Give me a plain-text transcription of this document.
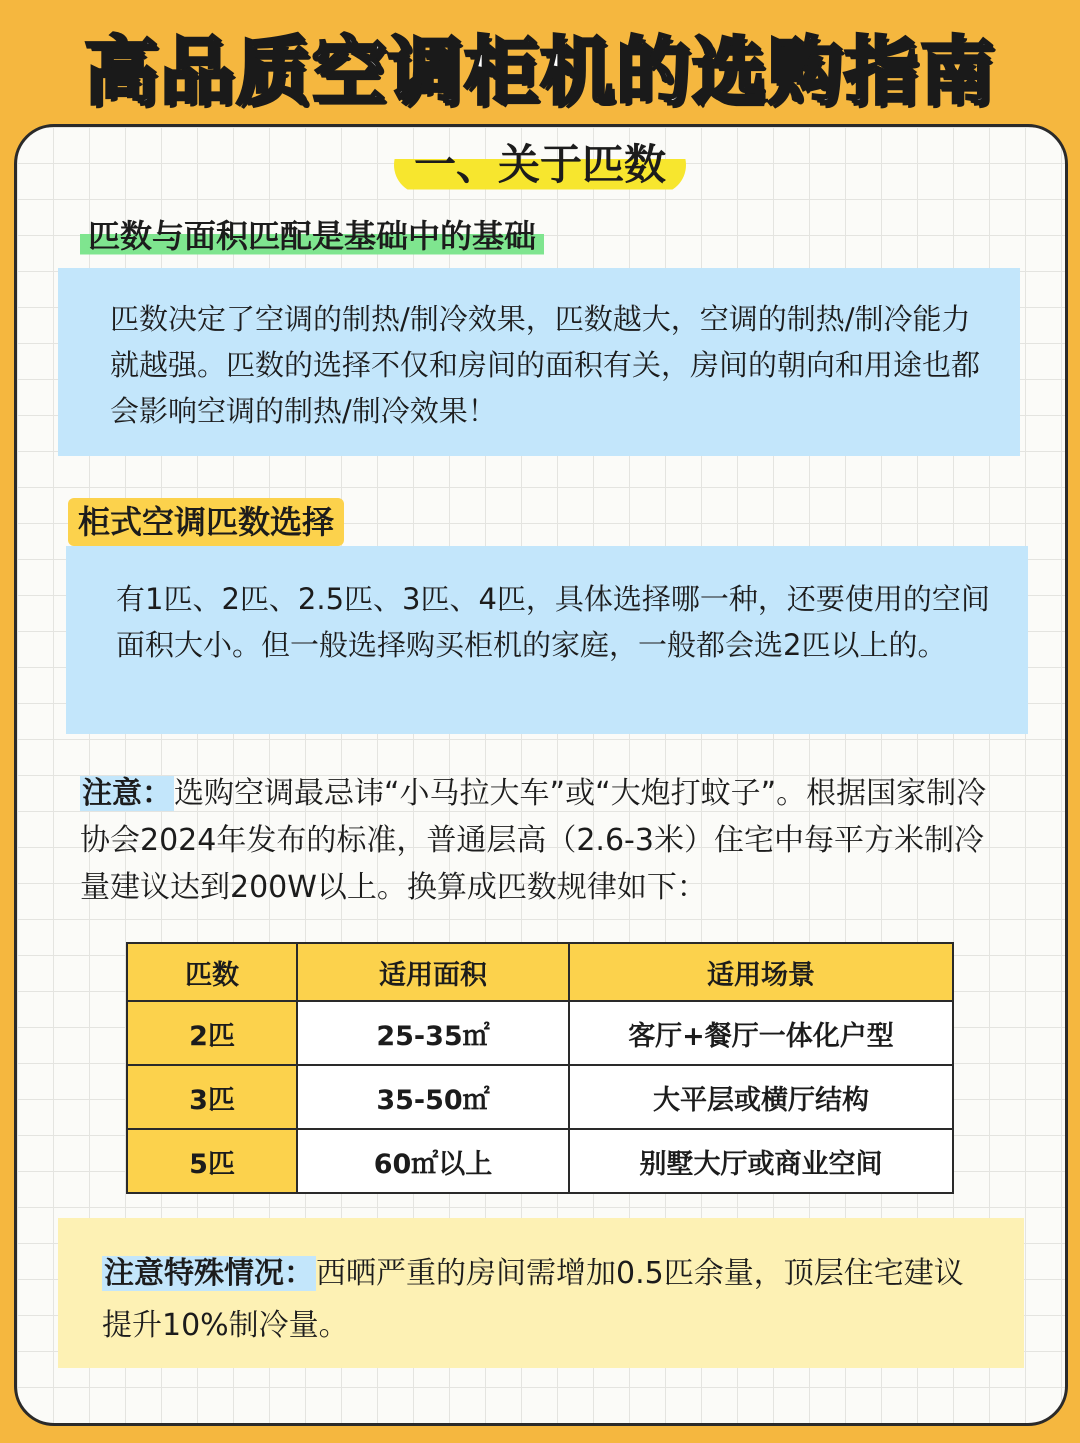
高品质空调柜机的选购指南
一、关于匹数
匹数与面积匹配是基础中的基础
匹数决定了空调的制热/制冷效果，匹数越大，空调的制热/制冷能力就越强。匹数的选择不仅和房间的面积有关，房间的朝向和用途也都会影响空调的制热/制冷效果！
柜式空调匹数选择
有1匹、2匹、2.5匹、3匹、4匹，具体选择哪一种，还要使用的空间面积大小。但一般选择购买柜机的家庭，一般都会选2匹以上的。
注意：选购空调最忌讳“小马拉大车”或“大炮打蚊子”。根据国家制冷协会2024年发布的标准，普通层高（2.6-3米）住宅中每平方米制冷量建议达到200W以上。换算成匹数规律如下：
匹数	适用面积	适用场景
2匹	25-35㎡	客厅+餐厅一体化户型
3匹	35-50㎡	大平层或横厅结构
5匹	60㎡以上	别墅大厅或商业空间
注意特殊情况：西晒严重的房间需增加0.5匹余量，顶层住宅建议提升10%制冷量。
